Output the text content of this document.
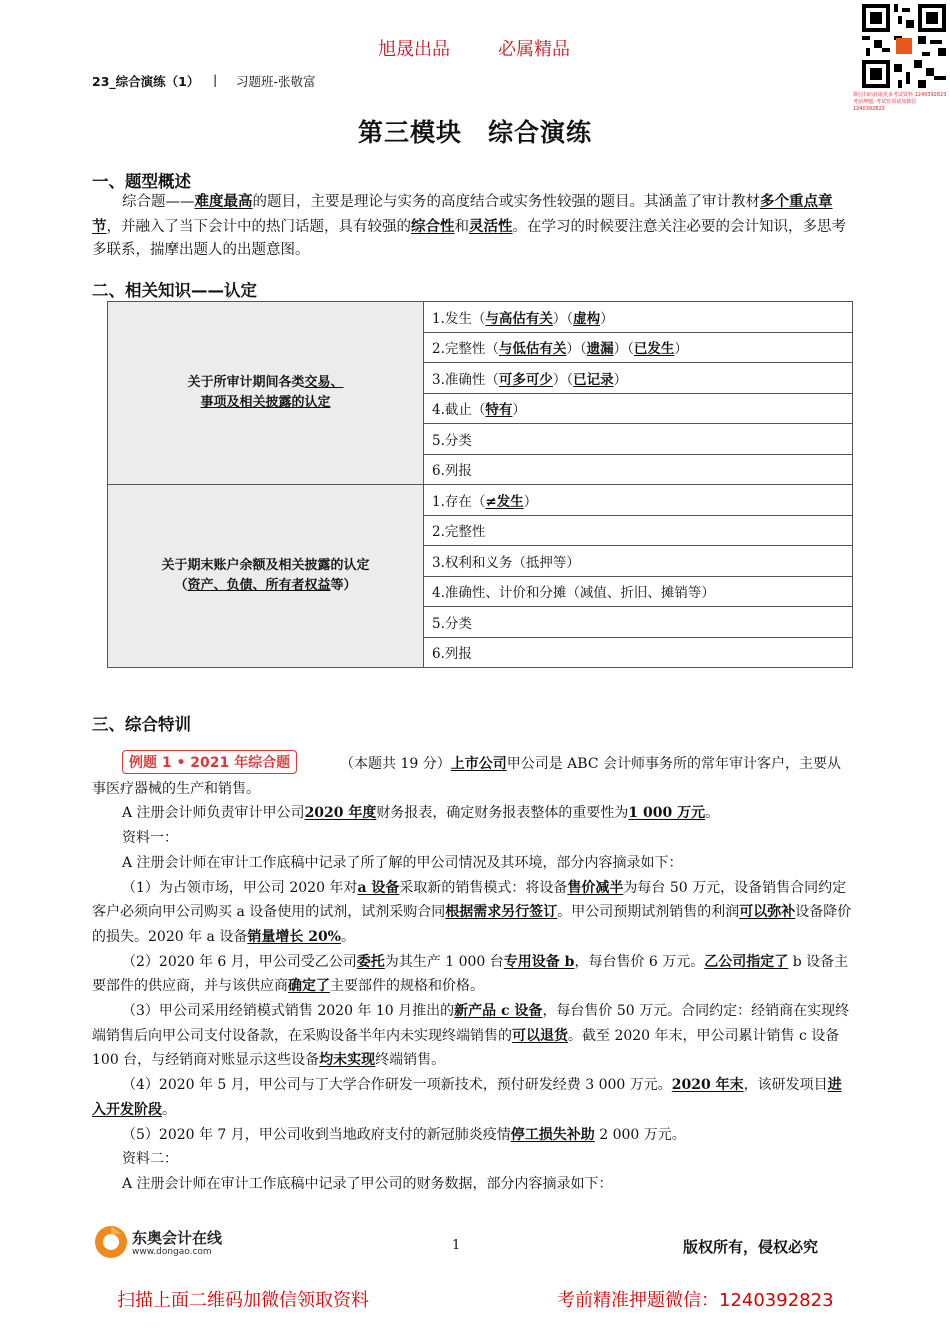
旭晟出品	必属精品
微信扫码获取更多考试资料 1240392823 考前押题, 考试密训请加微信 1240392823
23_综合演练（1） | 习题班-张敬富
第三模块　综合演练
一、题型概述
综合题——难度最高的题目，主要是理论与实务的高度结合或实务性较强的题目。其涵盖了审计教材多个重点章节，并融入了当下会计中的热门话题，具有较强的综合性和灵活性。在学习的时候要注意关注必要的会计知识，多思考多联系，揣摩出题人的出题意图。
二、相关知识——认定
关于所审计期间各类交易、
事项及相关披露的认定	1.发生（与高估有关）（虚构）
	2.完整性（与低估有关）（遗漏）（已发生）
	3.准确性（可多可少）（已记录）
	4.截止（特有）
	5.分类
	6.列报
关于期末账户余额及相关披露的认定
（资产、负债、所有者权益等）	1.存在（≠发生）
	2.完整性
	3.权利和义务（抵押等）
	4.准确性、计价和分摊（减值、折旧、摊销等）
	5.分类
	6.列报
三、综合特训
例题 1 • 2021 年综合题	（本题共 19 分）上市公司甲公司是 ABC 会计师事务所的常年审计客户，主要从事医疗器械的生产和销售。

A 注册会计师负责审计甲公司2020 年度财务报表，确定财务报表整体的重要性为1 000 万元。

资料一：

A 注册会计师在审计工作底稿中记录了所了解的甲公司情况及其环境，部分内容摘录如下：

（1）为占领市场，甲公司 2020 年对a 设备采取新的销售模式：将设备售价减半为每台 50 万元，设备销售合同约定客户必须向甲公司购买 a 设备使用的试剂，试剂采购合同根据需求另行签订。甲公司预期试剂销售的利润可以弥补设备降价的损失。2020 年 a 设备销量增长 20%。

（2）2020 年 6 月，甲公司受乙公司委托为其生产 1 000 台专用设备 b，每台售价 6 万元。乙公司指定了 b 设备主要部件的供应商，并与该供应商确定了主要部件的规格和价格。

（3）甲公司采用经销模式销售 2020 年 10 月推出的新产品 c 设备，每台售价 50 万元。合同约定：经销商在实现终端销售后向甲公司支付设备款，在采购设备半年内未实现终端销售的可以退货。截至 2020 年末，甲公司累计销售 c 设备 100 台，与经销商对账显示这些设备均未实现终端销售。

（4）2020 年 5 月，甲公司与丁大学合作研发一项新技术，预付研发经费 3 000 万元。2020 年末，该研发项目进入开发阶段。

（5）2020 年 7 月，甲公司收到当地政府支付的新冠肺炎疫情停工损失补助 2 000 万元。

资料二：

A 注册会计师在审计工作底稿中记录了甲公司的财务数据，部分内容摘录如下：

东奥会计在线
www.dongao.com	1	版权所有，侵权必究
扫描上面二维码加微信领取资料	考前精准押题微信：1240392823
